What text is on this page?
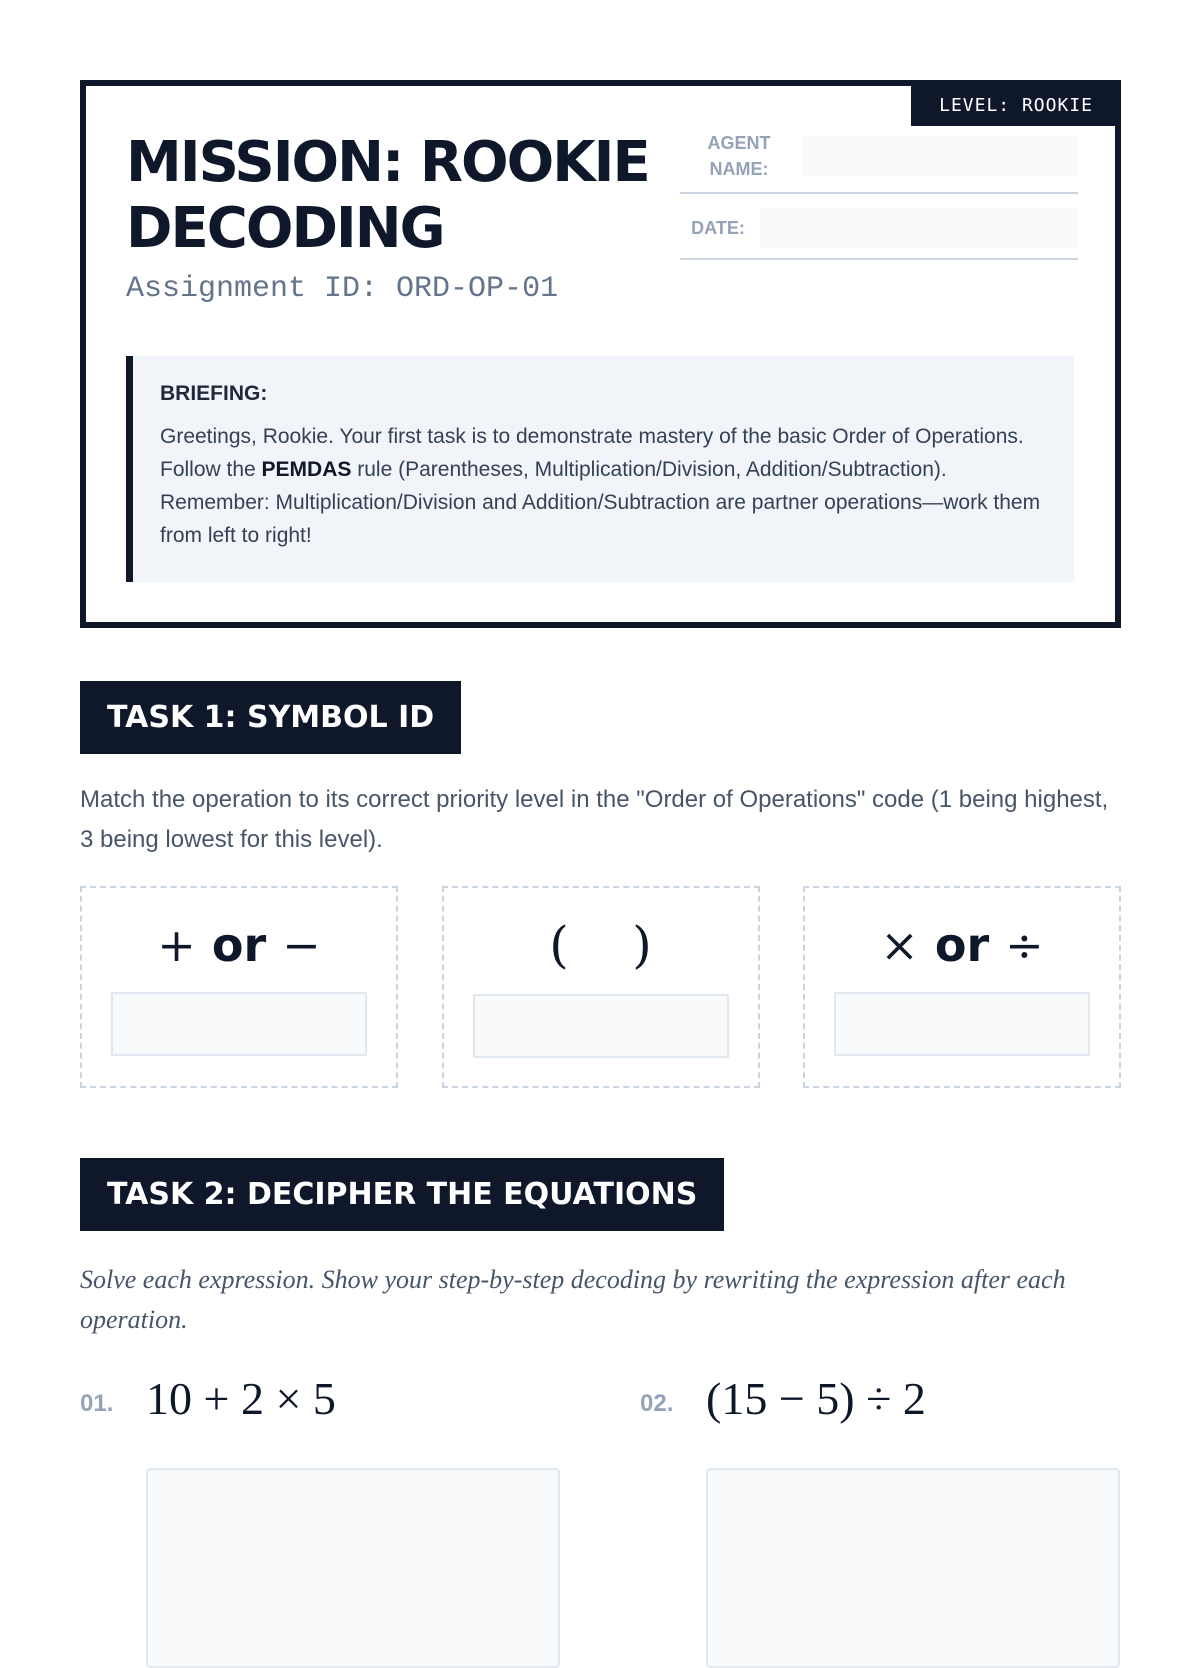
LEVEL: ROOKIE
MISSION: ROOKIE
DECODING
Assignment ID: ORD-OP-01
AGENT
NAME:
DATE:

BRIEFING:

Greetings, Rookie. Your first task is to demonstrate mastery of the basic Order of Operations. Follow the PEMDAS rule (Parentheses, Multiplication/Division, Addition/Subtraction). Remember: Multiplication/Division and Addition/Subtraction are partner operations—work them from left to right!

TASK 1: SYMBOL ID

Match the operation to its correct priority level in the "Order of Operations" code (1 being highest, 3 being lowest for this level).

+ or −	( )	× or ÷
TASK 2: DECIPHER THE EQUATIONS

Solve each expression. Show your step-by-step decoding by rewriting the expression after each operation.

01. 10 + 2 × 5	02. (15 − 5) ÷ 2
